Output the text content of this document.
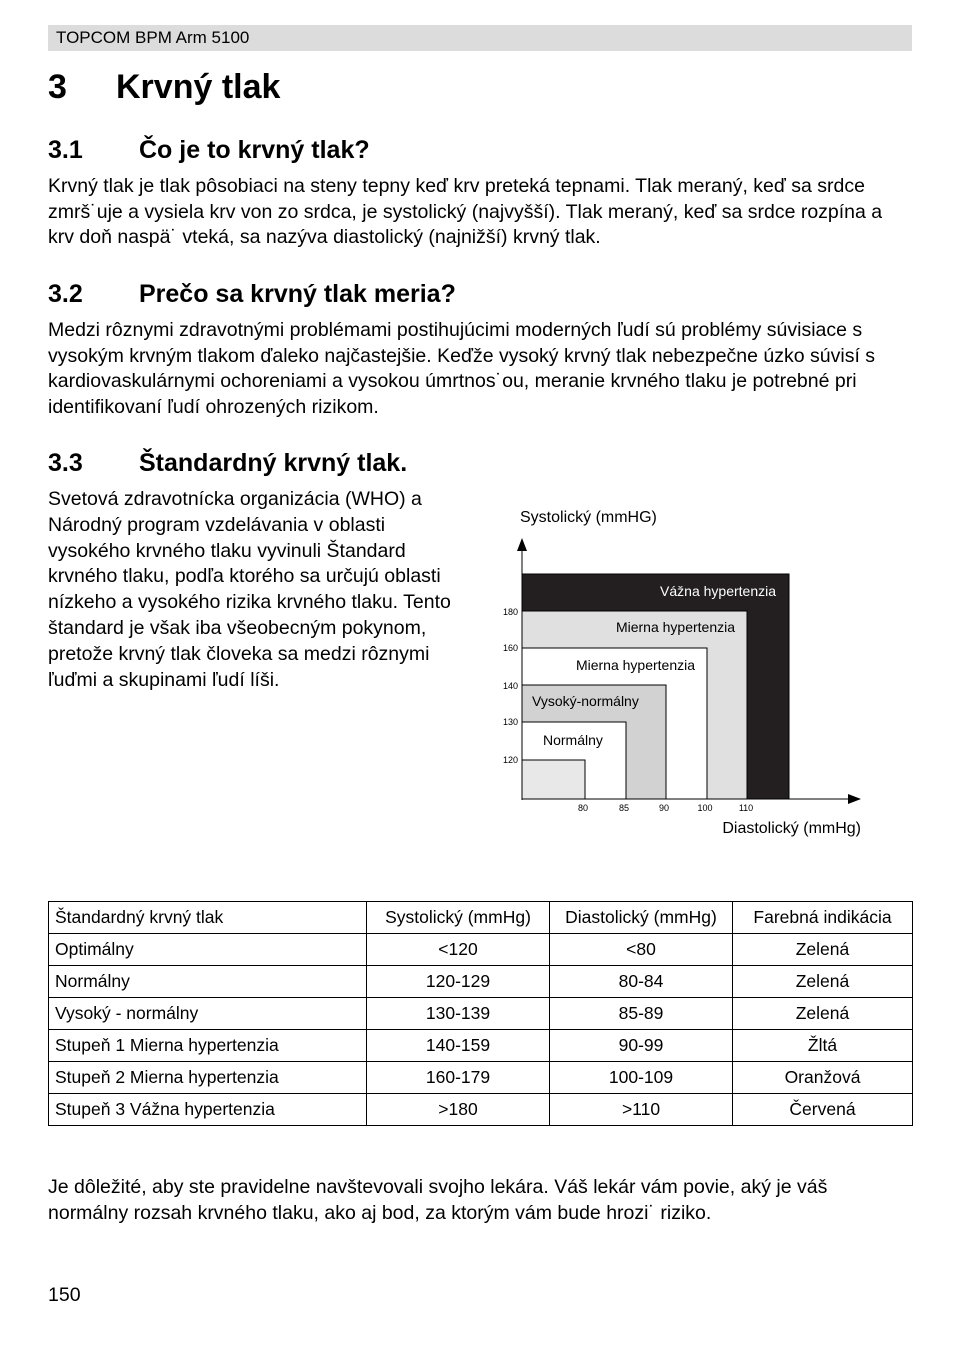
TOPCOM BPM Arm 5100
3 Krvný tlak
3.1 Čo je to krvný tlak?

Krvný tlak je tlak pôsobiaci na steny tepny keď krv preteká tepnami. Tlak meraný, keď sa srdce zmrš˙uje a vysiela krv von zo srdca, je systolický (najvyšší). Tlak meraný, keď sa srdce rozpína a krv doň naspä˙ vteká, sa nazýva diastolický (najnižší) krvný tlak.

3.2 Prečo sa krvný tlak meria?

Medzi rôznymi zdravotnými problémami postihujúcimi moderných ľudí sú problémy súvisiace s vysokým krvným tlakom ďaleko najčastejšie. Keďže vysoký krvný tlak nebezpečne úzko súvisí s kardiovaskulárnymi ochoreniami a vysokou úmrtnos˙ou, meranie krvného tlaku je potrebné pri identifikovaní ľudí ohrozených rizikom.

3.3 Štandardný krvný tlak.

Svetová zdravotnícka organizácia (WHO) a Národný program vzdelávania v oblasti vysokého krvného tlaku vyvinuli Štandard krvného tlaku, podľa ktorého sa určujú oblasti nízkeho a vysokého rizika krvného tlaku. Tento štandard je však iba všeobecným pokynom, pretože krvný tlak človeka sa medzi rôznymi ľuďmi a skupinami ľudí líši.

Systolický (mmHG)
Normálny
Vysoký-normálny
Mierna hypertenzia
Mierna hypertenzia
Vážna hypertenzia
120
130
140
160
180
80	85	90	100	110
Diastolický (mmHg)
Štandardný krvný tlak	Systolický (mmHg)	Diastolický (mmHg)	Farebná indikácia
Optimálny	<120	<80	Zelená
Normálny	120-129	80-84	Zelená
Vysoký - normálny	130-139	85-89	Zelená
Stupeň 1 Mierna hypertenzia	140-159	90-99	Žltá
Stupeň 2 Mierna hypertenzia	160-179	100-109	Oranžová
Stupeň 3 Vážna hypertenzia	>180	>110	Červená

Je dôležité, aby ste pravidelne navštevovali svojho lekára. Váš lekár vám povie, aký je váš normálny rozsah krvného tlaku, ako aj bod, za ktorým vám bude hrozi˙ riziko.

150
